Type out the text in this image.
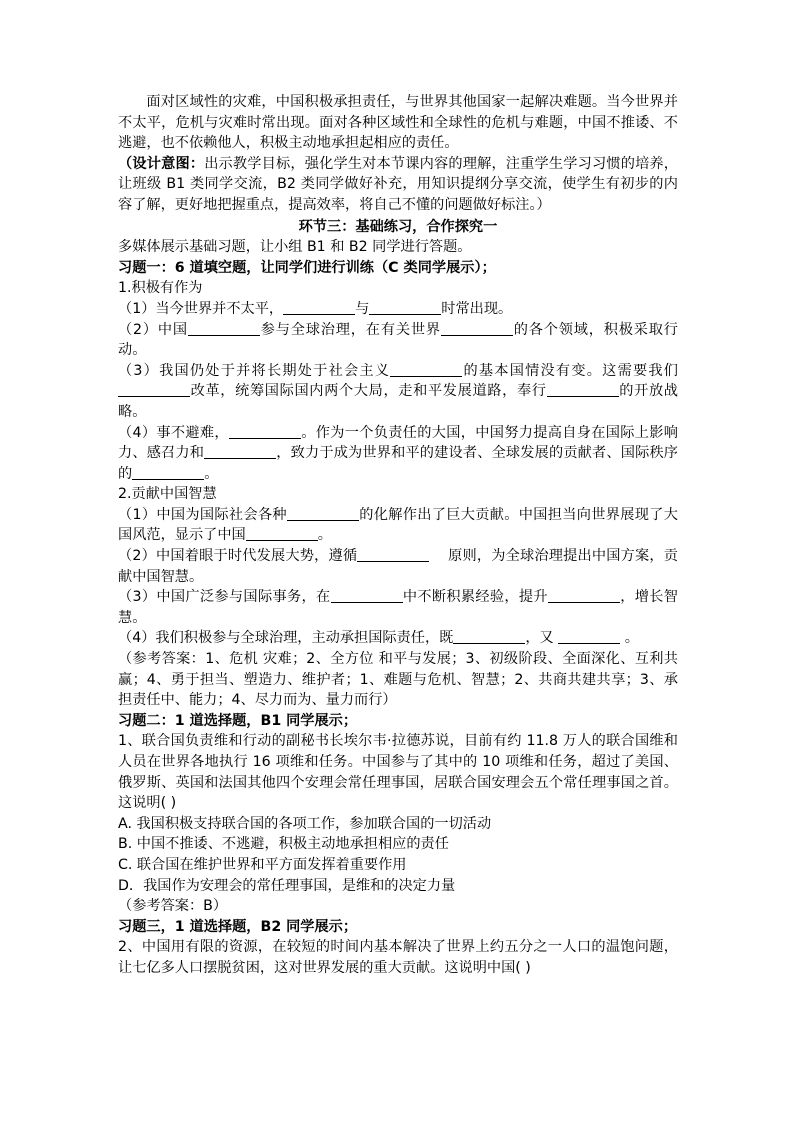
面对区域性的灾难，中国积极承担责任，与世界其他国家一起解决难题。当今世界并不太平，危机与灾难时常出现。面对各种区域性和全球性的危机与难题，中国不推诿、不逃避，也不依赖他人，积极主动地承担起相应的责任。

（设计意图：出示教学目标，强化学生对本节课内容的理解，注重学生学习习惯的培养，让班级 B1 类同学交流，B2 类同学做好补充，用知识提纲分享交流，使学生有初步的内容了解，更好地把握重点，提高效率，将自己不懂的问题做好标注。）

环节三：基础练习，合作探究一

多媒体展示基础习题，让小组 B1 和 B2 同学进行答题。

习题一：6 道填空题，让同学们进行训练（C 类同学展示）；

1.积极有作为

（1）当今世界并不太平，	与	时常出现。

（2）中国	参与全球治理，在有关世界	的各个领域，积极采取行动。

（3）我国仍处于并将长期处于社会主义	的基本国情没有变。这需要我们改革，统筹国际国内两个大局，走和平发展道路，奉行	的开放战略。

（4）事不避难，	。作为一个负责任的大国，中国努力提高自身在国际上影响力、感召力和	，致力于成为世界和平的建设者、全球发展的贡献者、国际秩序的	。

2.贡献中国智慧

（1）中国为国际社会各种	的化解作出了巨大贡献。中国担当向世界展现了大国风范，显示了中国	。

（2）中国着眼于时代发展大势，遵循	原则，为全球治理提出中国方案，贡献中国智慧。

（3）中国广泛参与国际事务，在	中不断积累经验，提升	，增长智慧。

（4）我们积极参与全球治理，主动承担国际责任，既	，又	。

（参考答案：1、危机 灾难；2、全方位 和平与发展；3、初级阶段、全面深化、互利共赢；4、勇于担当、塑造力、维护者；1、难题与危机、智慧；2、共商共建共享；3、承担责任中、能力；4、尽力而为、量力而行）

习题二：1 道选择题，B1 同学展示；

1、联合国负责维和行动的副秘书长埃尔韦·拉德苏说，目前有约 11.8 万人的联合国维和人员在世界各地执行 16 项维和任务。中国参与了其中的 10 项维和任务，超过了美国、俄罗斯、英国和法国其他四个安理会常任理事国，居联合国安理会五个常任理事国之首。这说明( )

A. 我国积极支持联合国的各项工作，参加联合国的一切活动

B. 中国不推诿、不逃避，积极主动地承担相应的责任

C. 联合国在维护世界和平方面发挥着重要作用

D．我国作为安理会的常任理事国，是维和的决定力量

（参考答案：B）

习题三，1 道选择题，B2 同学展示；

2、中国用有限的资源，在较短的时间内基本解决了世界上约五分之一人口的温饱问题，让七亿多人口摆脱贫困，这对世界发展的重大贡献。这说明中国( )
